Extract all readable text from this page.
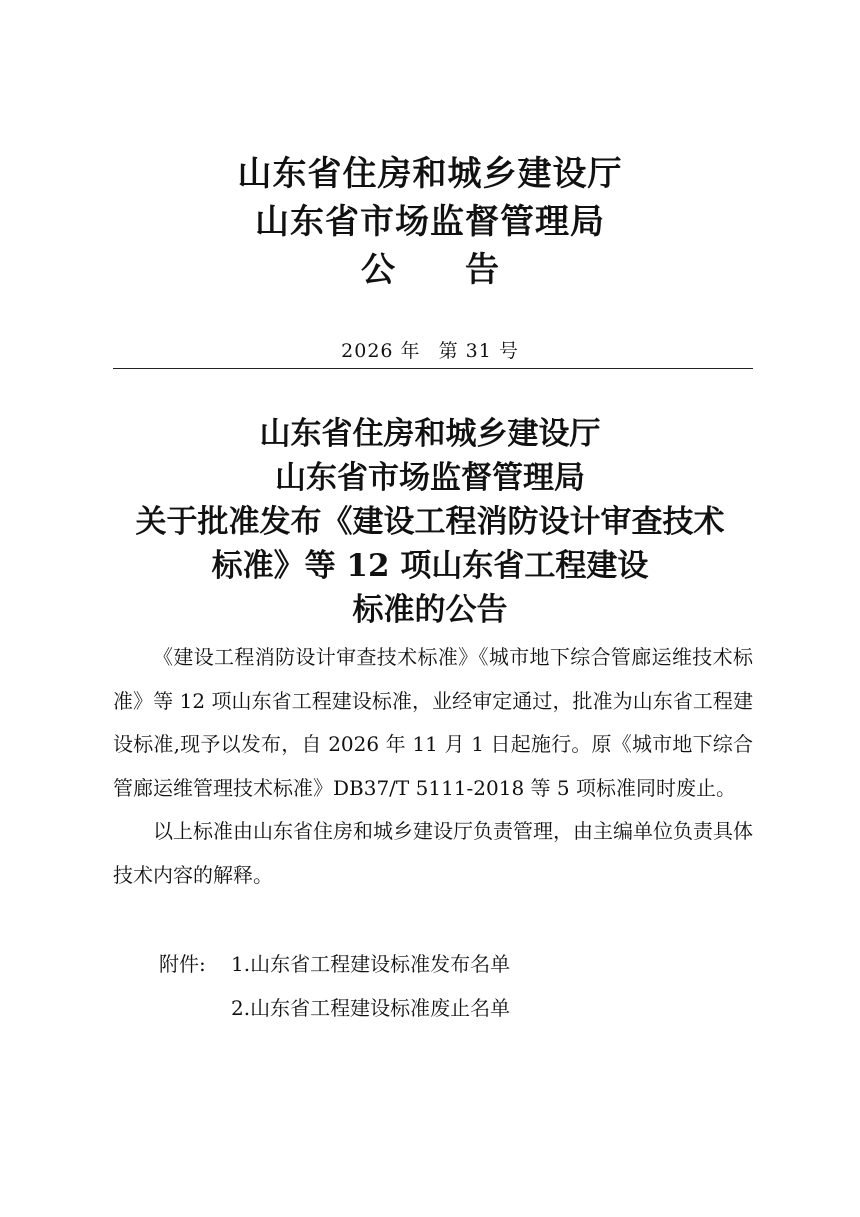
山东省住房和城乡建设厅
山东省市场监督管理局
公告
2026 年 第 31 号
山东省住房和城乡建设厅
山东省市场监督管理局
关于批准发布《建设工程消防设计审查技术
标准》等 12 项山东省工程建设
标准的公告

《建设工程消防设计审查技术标准》《城市地下综合管廊运维技术标准》等 12 项山东省工程建设标准，业经审定通过，批准为山东省工程建设标准,现予以发布，自 2026 年 11 月 1 日起施行。原《城市地下综合管廊运维管理技术标准》DB37/T 5111-2018 等 5 项标准同时废止。

以上标准由山东省住房和城乡建设厅负责管理，由主编单位负责具体技术内容的解释。

附件: 1.山东省工程建设标准发布名单
2.山东省工程建设标准废止名单
